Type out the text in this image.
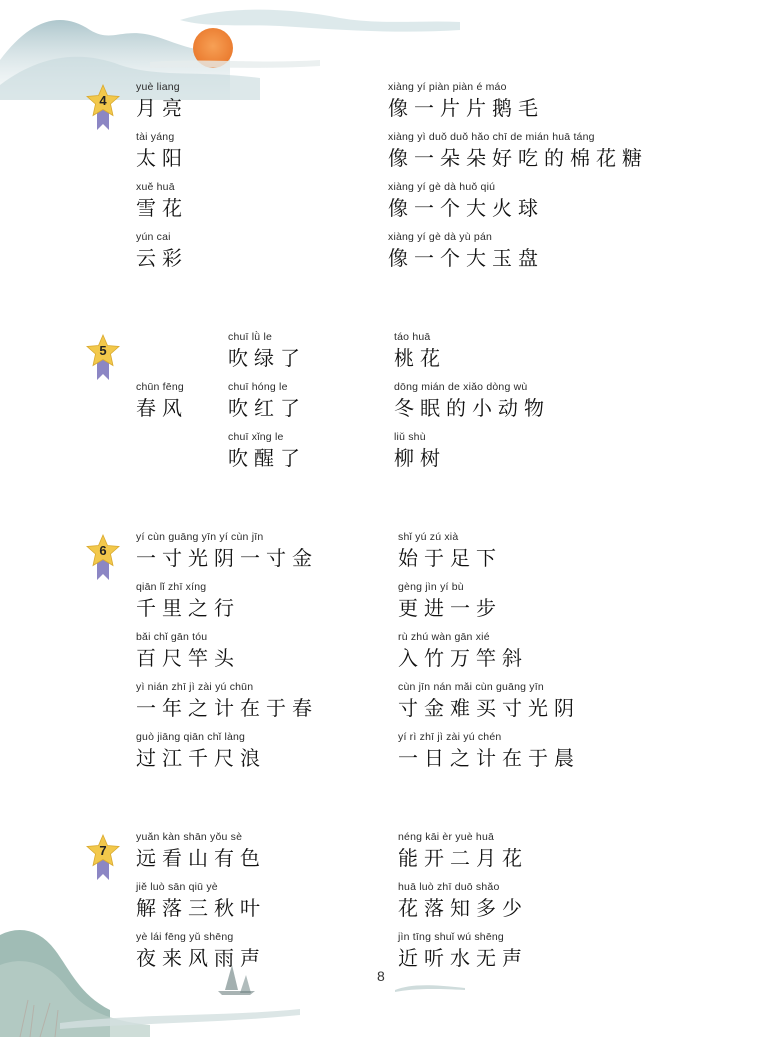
4
5
6
7
yuè liang
月亮
xiàng yí piàn piàn é máo
像一片片鹅毛
tài yáng
太阳
xiàng yì duǒ duǒ hǎo chī de mián huā táng
像一朵朵好吃的棉花糖
xuě huā
雪花
xiàng yí gè dà huǒ qiú
像一个大火球
yún cai
云彩
xiàng yí gè dà yù pán
像一个大玉盘
chuī lǜ le
吹绿了
táo huā
桃花
chūn fēng
春风
chuī hóng le
吹红了
dōng mián de xiǎo dòng wù
冬眠的小动物
chuī xǐng le
吹醒了
liǔ shù
柳树
yí cùn guāng yīn yí cùn jīn
一寸光阴一寸金
shǐ yú zú xià
始于足下
qiān lǐ zhī xíng
千里之行
gèng jìn yí bù
更进一步
bǎi chǐ gān tóu
百尺竿头
rù zhú wàn gān xié
入竹万竿斜
yì nián zhī jì zài yú chūn
一年之计在于春
cùn jīn nán mǎi cùn guāng yīn
寸金难买寸光阴
guò jiāng qiān chǐ làng
过江千尺浪
yí rì zhī jì zài yú chén
一日之计在于晨
yuǎn kàn shān yǒu sè
远看山有色
néng kāi èr yuè huā
能开二月花
jiě luò sān qiū yè
解落三秋叶
huā luò zhī duō shǎo
花落知多少
yè lái fēng yǔ shēng
夜来风雨声
jìn tīng shuǐ wú shēng
近听水无声
8
